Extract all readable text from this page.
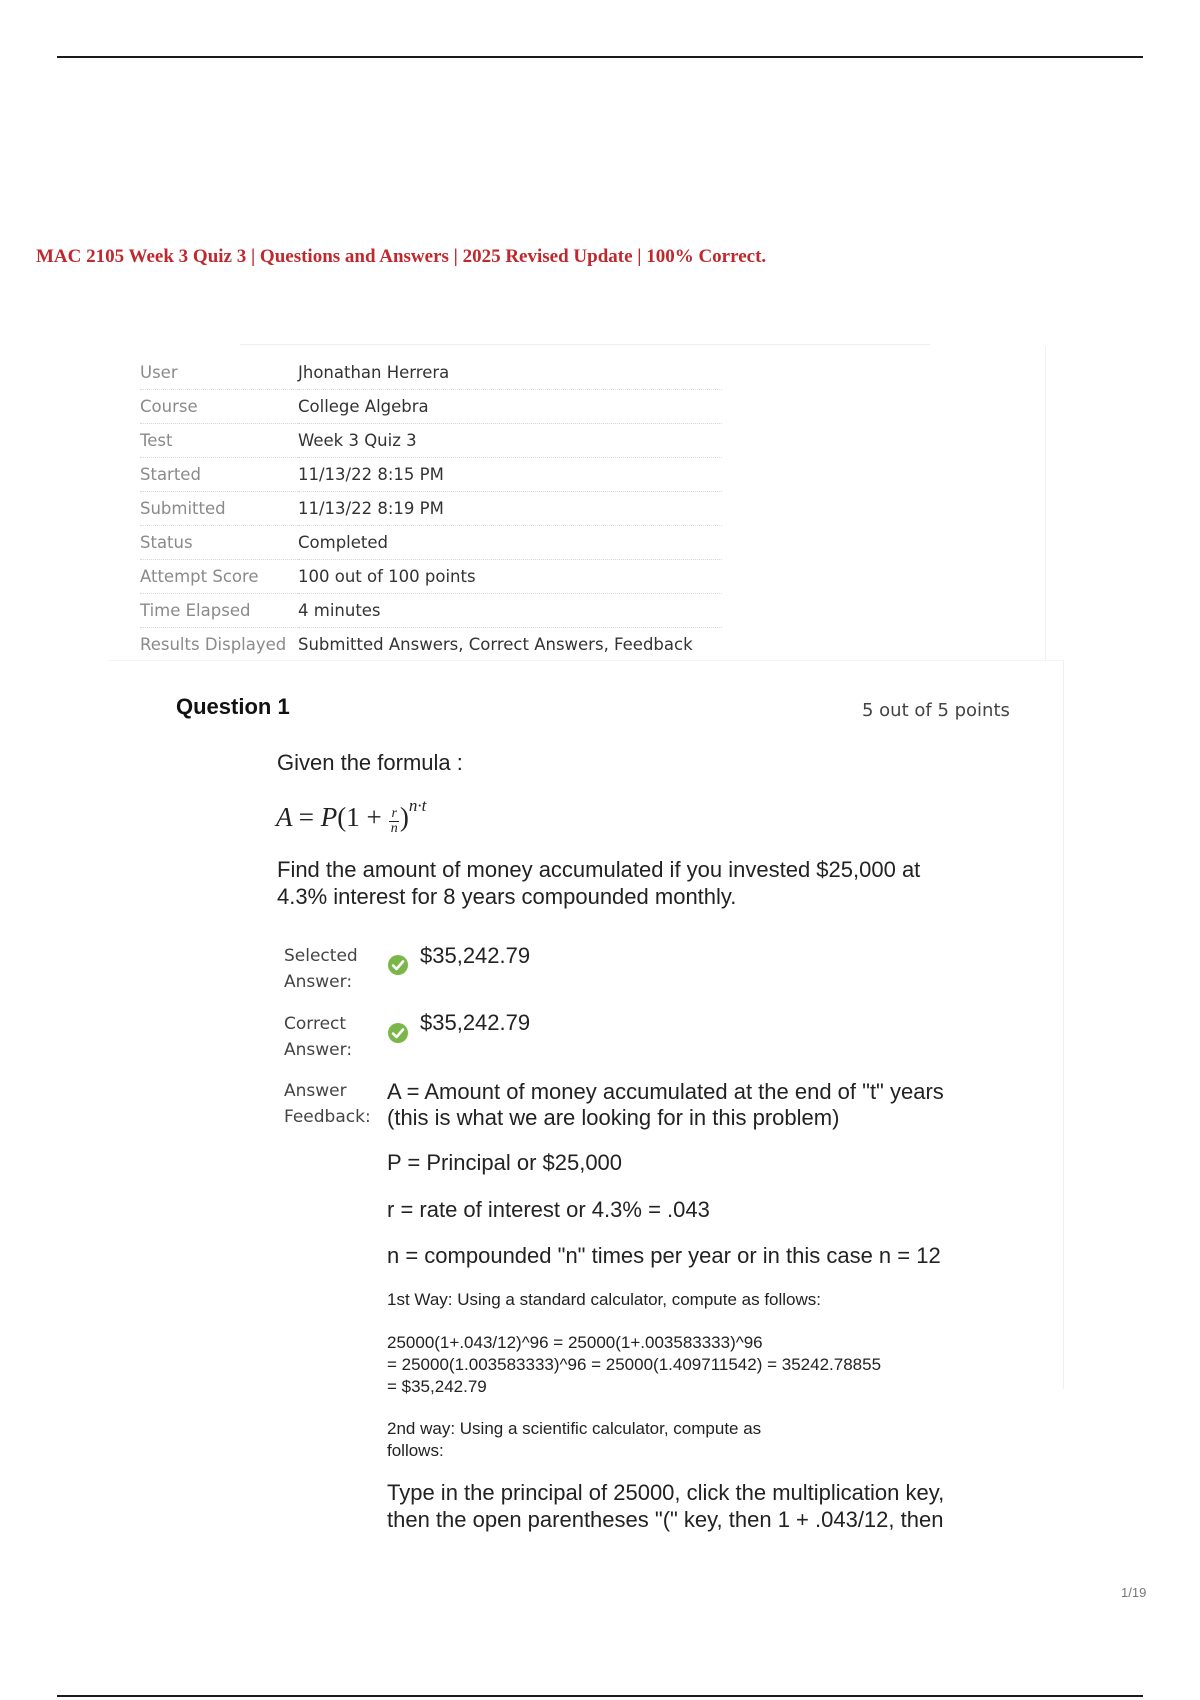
MAC 2105 Week 3 Quiz 3 | Questions and Answers | 2025 Revised Update | 100% Correct.
User	Jhonathan Herrera
Course	College Algebra
Test	Week 3 Quiz 3
Started	11/13/22 8:15 PM
Submitted	11/13/22 8:19 PM
Status	Completed
Attempt Score	100 out of 100 points
Time Elapsed	4 minutes
Results Displayed	Submitted Answers, Correct Answers, Feedback
Question 1	5 out of 5 points
Given the formula :
$A = P(1 + \frac{r}{n} )^{n\cdot t}$
Find the amount of money accumulated if you invested $25,000 at
4.3% interest for 8 years compounded monthly.
Selected
Answer:
$35,242.79
Correct
Answer:
$35,242.79
Answer
Feedback:
A = Amount of money accumulated at the end of "t" years
(this is what we are looking for in this problem)
P = Principal or $25,000
r = rate of interest or 4.3% = .043
n = compounded "n" times per year or in this case n = 12
1st Way: Using a standard calculator, compute as follows:
25000(1+.043/12)^96 = 25000(1+.003583333)^96
= 25000(1.003583333)^96 = 25000(1.409711542) = 35242.78855
= $35,242.79
2nd way: Using a scientific calculator, compute as
follows:
Type in the principal of 25000, click the multiplication key,
then the open parentheses "(" key, then 1 + .043/12, then
1/19
